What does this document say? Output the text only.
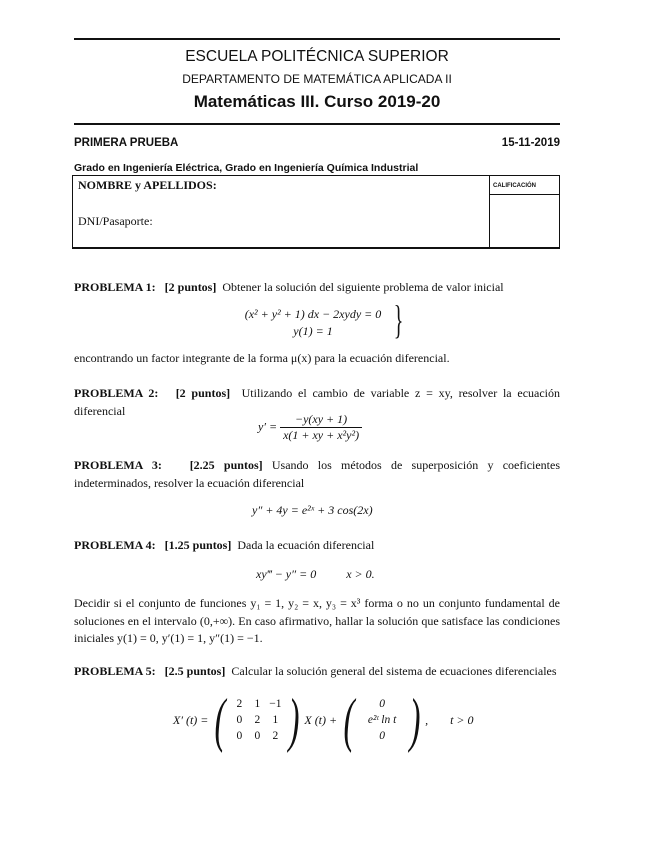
ESCUELA POLITÉCNICA SUPERIOR
DEPARTAMENTO DE MATEMÁTICA APLICADA II
Matemáticas III. Curso 2019-20
PRIMERA PRUEBA	15-11-2019
Grado en Ingeniería Eléctrica, Grado en Ingeniería Química Industrial
NOMBRE y APELLIDOS:
DNI/Pasaporte:
CALIFICACIÓN
PROBLEMA 1: [2 puntos] Obtener la solución del siguiente problema de valor inicial
(x² + y² + 1) dx − 2xydy = 0
y(1) = 1	}
encontrando un factor integrante de la forma μ(x) para la ecuación diferencial.
PROBLEMA 2: [2 puntos] Utilizando el cambio de variable z = xy, resolver la ecuación diferencial
$y' = \frac{-y(xy + 1)}{\text{x(1 + xy + x²y²)}}$
PROBLEMA 3: [2.25 puntos] Usando los métodos de superposición y coeficientes indeterminados, resolver la ecuación diferencial
y″ + 4y = e²ˣ + 3 cos(2x)
PROBLEMA 4: [1.25 puntos] Dada la ecuación diferencial
xy‴ − y″ = 0	x > 0.
Decidir si el conjunto de funciones y₁ = 1, y₂ = x, y₃ = x³ forma o no un conjunto fundamental de soluciones en el intervalo (0,+∞). En caso afirmativo, hallar la solución que satisface las condiciones iniciales y(1) = 0, y′(1) = 1, y″(1) = −1.
PROBLEMA 5: [2.5 puntos] Calcular la solución general del sistema de ecuaciones diferenciales
X′ (t) = ( 2	1 −1
0	2	1
0	0	2 ) X (t) + (	0
e²ᵗ ln t
0 ) , t > 0
